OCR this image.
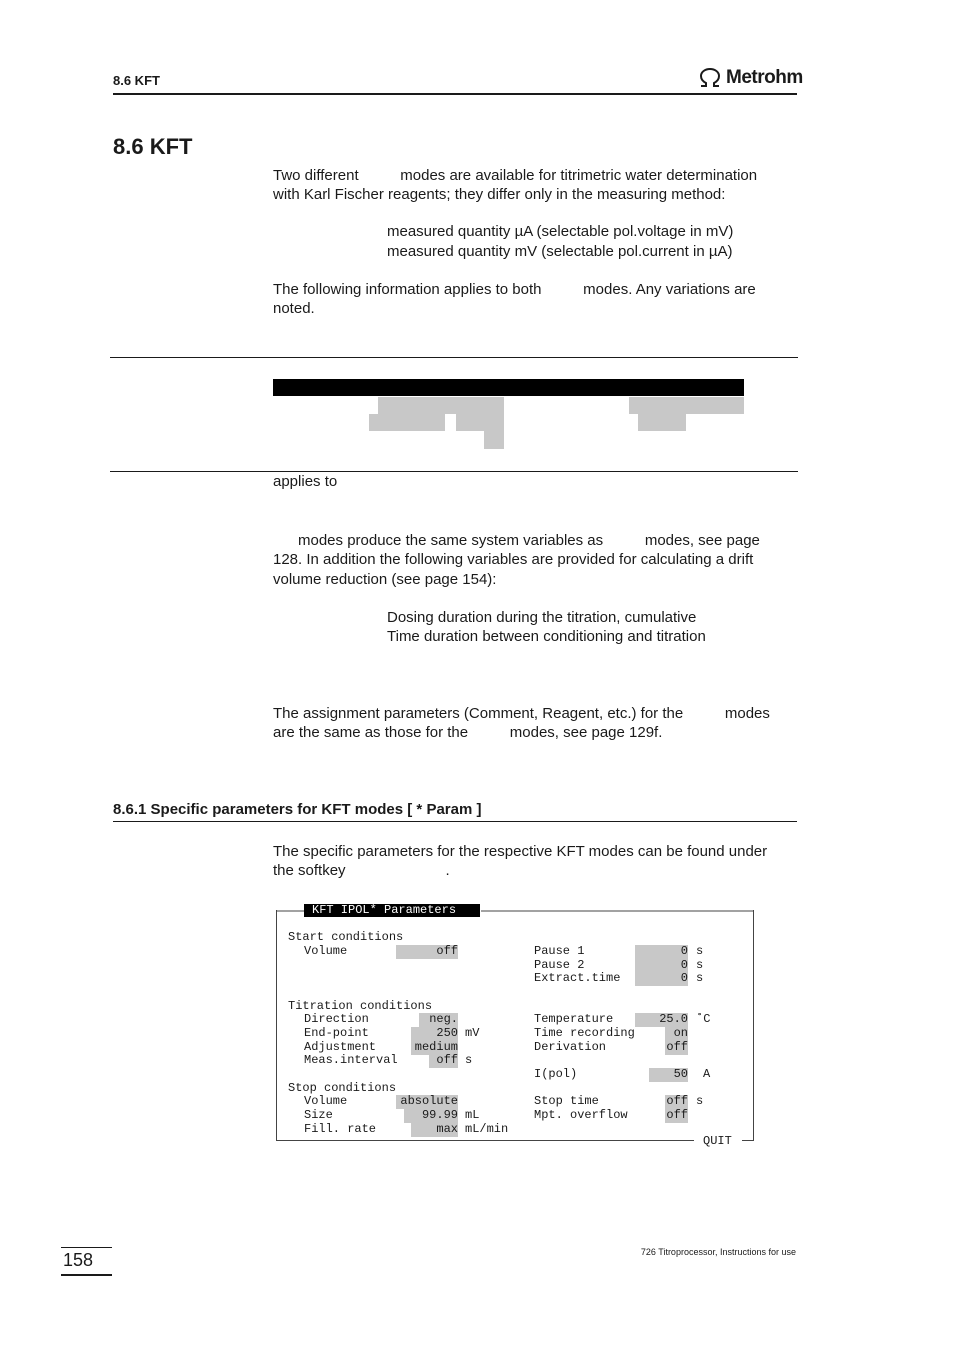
8.6 KFT	Metrohm
8.6 KFT
Two different          modes are available for titrimetric water determination
with Karl Fischer reagents; they differ only in the measuring method:
measured quantity µA (selectable pol.voltage in mV)
measured quantity mV (selectable pol.current in µA)
The following information applies to both          modes. Any variations are
noted.
applies to
modes produce the same system variables as          modes, see page
128. In addition the following variables are provided for calculating a drift
volume reduction (see page 154):
Dosing duration during the titration, cumulative
Time duration between conditioning and titration
The assignment parameters (Comment, Reagent, etc.) for the          modes
are the same as those for the          modes, see page 129f.
8.6.1 Specific parameters for KFT modes [ * Param ]
The specific parameters for the respective KFT modes can be found under
the softkey                        .
KFT IPOL* Parameters
Start conditions
Volume	off	Pause 1	0 s
Pause 2	0 s
Extract.time	0 s
Titration conditions
Direction	neg.	Temperature	25.0 ˚C
End-point	250 mV	Time recording	on
Adjustment	medium	Derivation	off
Meas.interval	off s
I(pol)	50 A
Stop conditions
Volume	absolute	Stop time	off s
Size	99.99 mL	Mpt. overflow	off
Fill. rate	max mL/min
QUIT
158	726 Titroprocessor, Instructions for use
